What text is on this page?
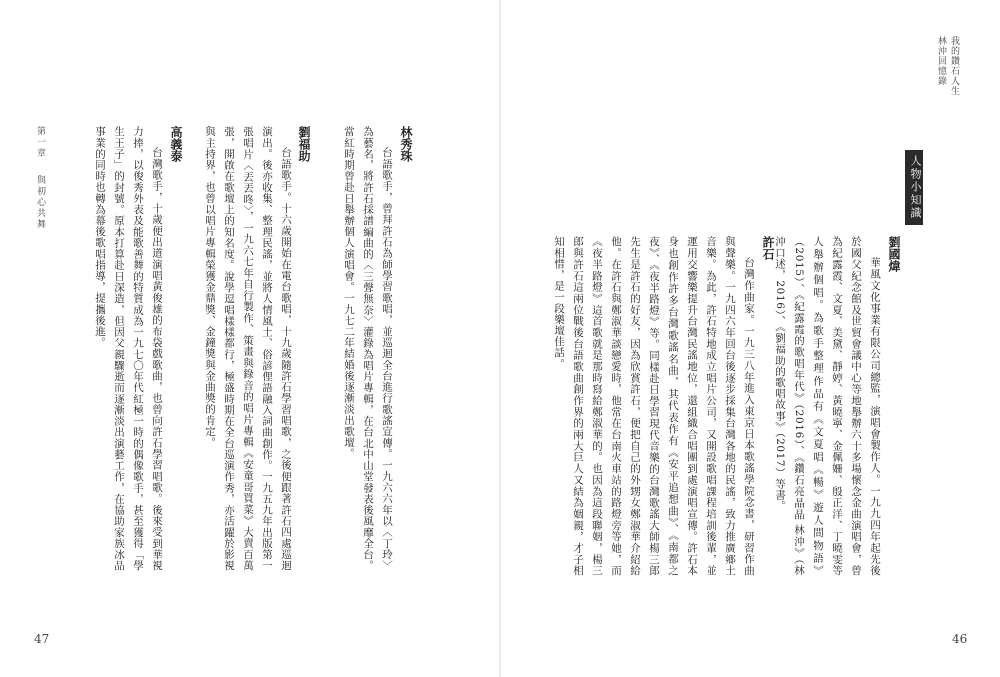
我的鑽石人生
林沖回憶錄
人物小知識
劉國煒

華風文化事業有限公司總監，演唱會製作人。一九九四年起先後於國父紀念館及世貿會議中心等地舉辦六十多場懷念金曲演唱會，曾為紀露霞、文夏、美黛、靜婷、黃曉寧、金佩姍、殷正洋、丁曉雯等人舉辦個唱。為歌手整理作品有《文夏唱《暢》遊人間物語》（2015）、《紀露霞的歌唱年代》（2016）、《鑽石亮晶晶 林沖》（林沖口述，2016）、《劉福助的歌唱故事》（2017）等書。

許石

台灣作曲家。一九三八年進入東京日本歌謠學院念書，研習作曲與聲樂。一九四六年回台後逐步採集台灣各地的民謠，致力推廣鄉土音樂。為此，許石特地成立唱片公司，又開設歌唱課程培訓後輩，並運用交響樂提升台灣民謠地位，還組織合唱團到處演唱宣傳。許石本身也創作許多台灣歌謠名曲，其代表作有《安平追想曲》、《南都之夜》、《夜半路燈》等。同樣赴日學習現代音樂的台灣歌謠大師楊三郎先生是許石的好友，因為欣賞許石，便把自己的外甥女鄭淑華介紹給他。在許石與鄭淑華談戀愛時，他常在台南火車站的路燈旁等她，而《夜半路燈》這首歌就是那時寫給鄭淑華的。也因為這段聯姻，楊三郎與許石這兩位戰後台語歌曲創作界的兩大巨人又結為姻親，才子相知相惜，是一段樂壇佳話。

46
林秀珠

台語歌手，曾拜許石為師學習歌唱，並巡迴全台進行歌謠宣傳。一九六六年以〈丁玲〉為藝名，將許石採譜編曲的〈三聲無奈〉灌錄為唱片專輯，在台北中山堂發表後風靡全台。當紅時期曾赴日舉辦個人演唱會。一九七二年結婚後逐漸淡出歌壇。

劉福助

台語歌手。十六歲開始在電台歌唱，十九歲隨許石學習唱歌，之後便跟著許石四處巡迴演出。後亦收集、整理民謠，並將人情風土、俗諺俚語融入詞曲創作。一九五九年出版第一張唱片〈丟丟咚〉，一九六七年自行製作、策畫與錄音的唱片專輯《安童哥買菜》大賣百萬張，開啟在歌壇上的知名度。說學逗唱樣樣都行，極盛時期在全台巡演作秀，亦活躍於影視與主持界，也曾以唱片專輯榮獲金鼎獎、金鐘獎與金曲獎的肯定。

高義泰

台灣歌手，十歲便出道演唱黃俊雄的布袋戲歌曲，也曾向許石學習唱歌。後來受到華視力捧，以俊秀外表及能歌善舞的特質成為一九七〇年代紅極一時的偶像歌手，甚至獲得「學生王子」的封號。原本打算赴日深造，但因父親驟逝而逐漸淡出演藝工作，在協助家族冰品事業的同時也轉為幕後歌唱指導，提攜後進。

第一章
與初心共舞
47
